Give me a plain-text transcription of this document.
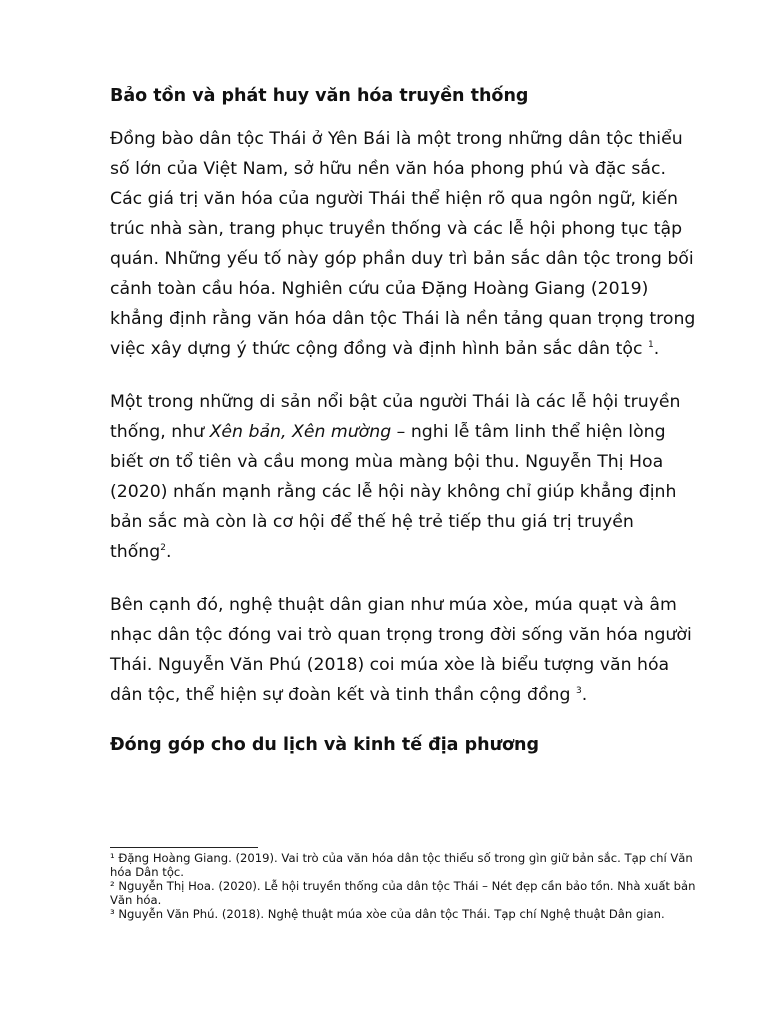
Bảo tồn và phát huy văn hóa truyền thống

Đồng bào dân tộc Thái ở Yên Bái là một trong những dân tộc thiểu số lớn của Việt Nam, sở hữu nền văn hóa phong phú và đặc sắc. Các giá trị văn hóa của người Thái thể hiện rõ qua ngôn ngữ, kiến trúc nhà sàn, trang phục truyền thống và các lễ hội phong tục tập quán. Những yếu tố này góp phần duy trì bản sắc dân tộc trong bối cảnh toàn cầu hóa. Nghiên cứu của Đặng Hoàng Giang (2019) khẳng định rằng văn hóa dân tộc Thái là nền tảng quan trọng trong việc xây dựng ý thức cộng đồng và định hình bản sắc dân tộc $^1$.

Một trong những di sản nổi bật của người Thái là các lễ hội truyền thống, như Xên bản, Xên mường – nghi lễ tâm linh thể hiện lòng biết ơn tổ tiên và cầu mong mùa màng bội thu. Nguyễn Thị Hoa (2020) nhấn mạnh rằng các lễ hội này không chỉ giúp khẳng định bản sắc mà còn là cơ hội để thế hệ trẻ tiếp thu giá trị truyền thống$^2$.

Bên cạnh đó, nghệ thuật dân gian như múa xòe, múa quạt và âm nhạc dân tộc đóng vai trò quan trọng trong đời sống văn hóa người Thái. Nguyễn Văn Phú (2018) coi múa xòe là biểu tượng văn hóa dân tộc, thể hiện sự đoàn kết và tinh thần cộng đồng $^3$.

Đóng góp cho du lịch và kinh tế địa phương
¹ Đặng Hoàng Giang. (2019). Vai trò của văn hóa dân tộc thiểu số trong gìn giữ bản sắc. Tạp chí Văn hóa Dân tộc.
² Nguyễn Thị Hoa. (2020). Lễ hội truyền thống của dân tộc Thái – Nét đẹp cần bảo tồn. Nhà xuất bản Văn hóa.
³ Nguyễn Văn Phú. (2018). Nghệ thuật múa xòe của dân tộc Thái. Tạp chí Nghệ thuật Dân gian.
